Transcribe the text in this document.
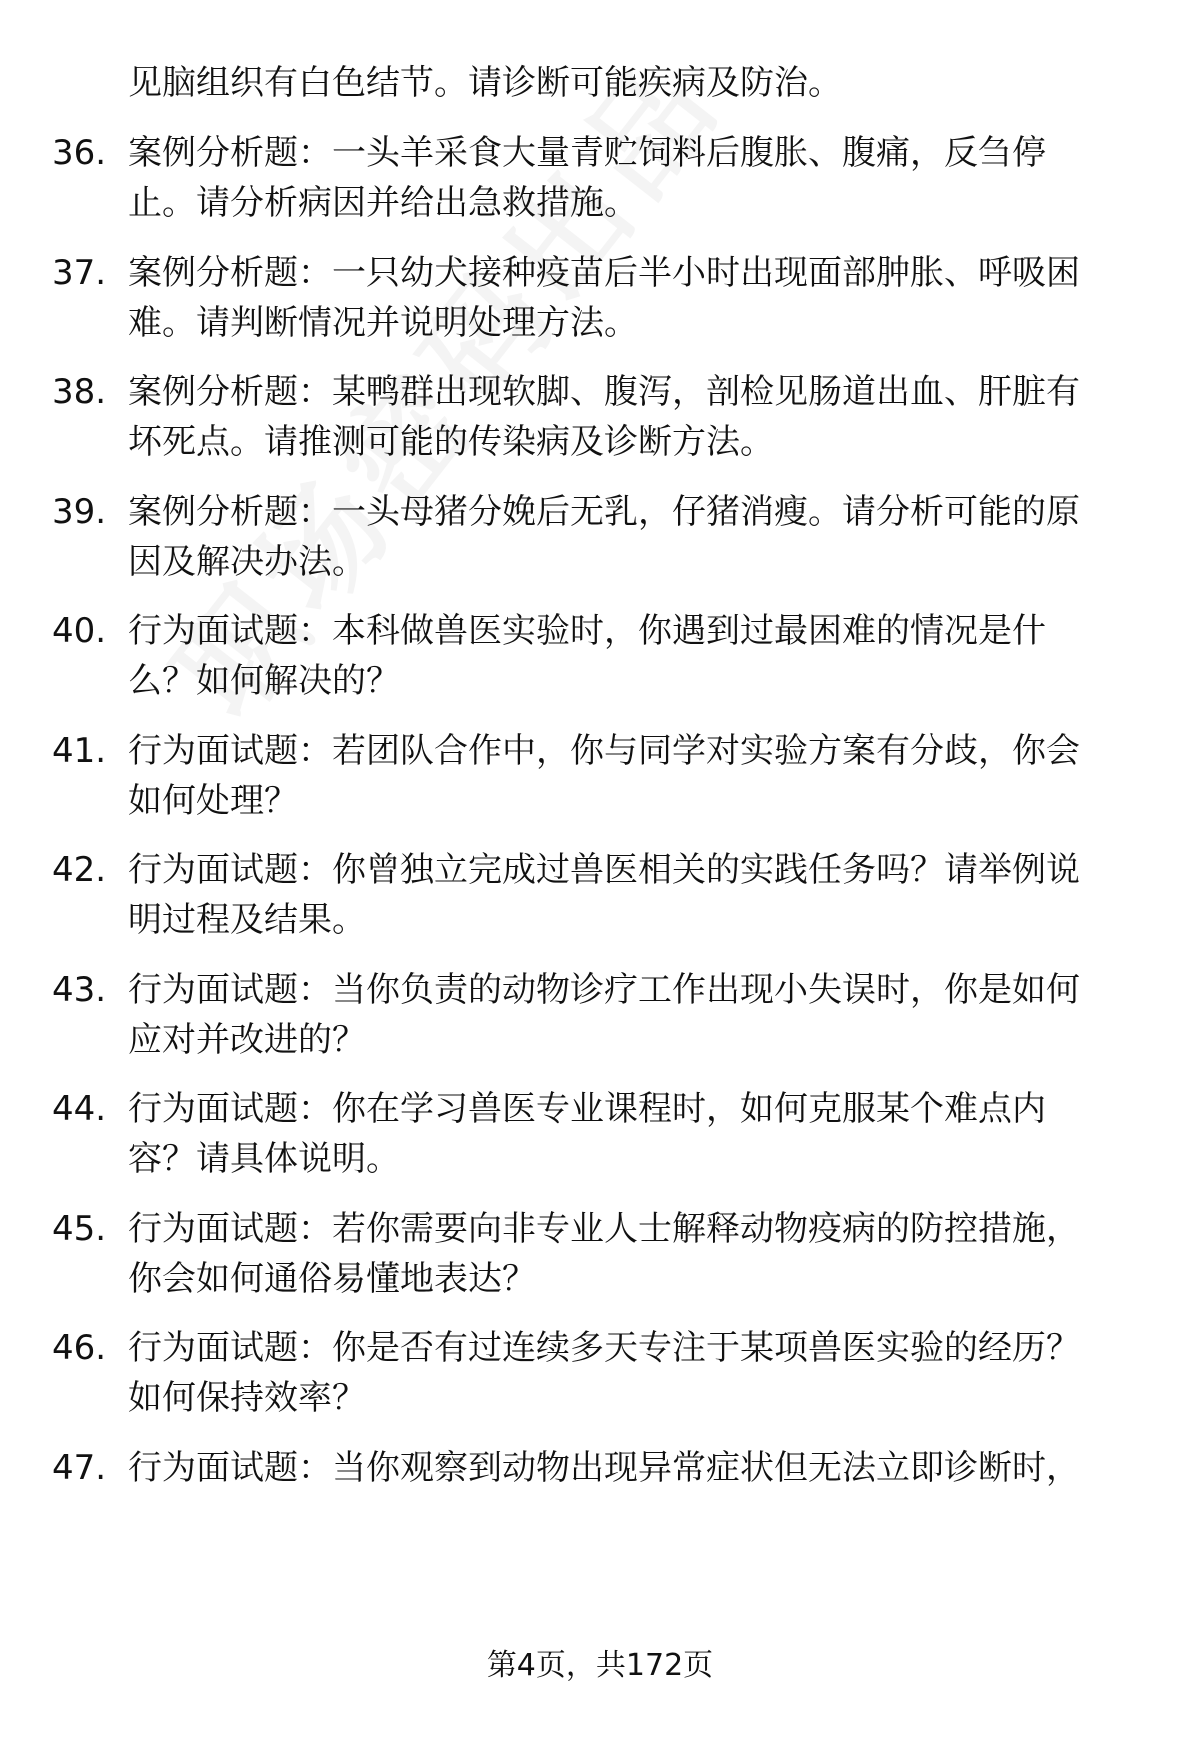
见脑组织有白色结节。请诊断可能疾病及防治。
36. 案例分析题：一头羊采食大量青贮饲料后腹胀、腹痛，反刍停
止。请分析病因并给出急救措施。
37. 案例分析题：一只幼犬接种疫苗后半小时出现面部肿胀、呼吸困
难。请判断情况并说明处理方法。
38. 案例分析题：某鸭群出现软脚、腹泻，剖检见肠道出血、肝脏有
坏死点。请推测可能的传染病及诊断方法。
39. 案例分析题：一头母猪分娩后无乳，仔猪消瘦。请分析可能的原
因及解决办法。
40. 行为面试题：本科做兽医实验时，你遇到过最困难的情况是什
么？如何解决的？
41. 行为面试题：若团队合作中，你与同学对实验方案有分歧，你会
如何处理？
42. 行为面试题：你曾独立完成过兽医相关的实践任务吗？请举例说
明过程及结果。
43. 行为面试题：当你负责的动物诊疗工作出现小失误时，你是如何
应对并改进的？
44. 行为面试题：你在学习兽医专业课程时，如何克服某个难点内
容？请具体说明。
45. 行为面试题：若你需要向非专业人士解释动物疫病的防控措施，
你会如何通俗易懂地表达？
46. 行为面试题：你是否有过连续多天专注于某项兽医实验的经历？
如何保持效率？
47. 行为面试题：当你观察到动物出现异常症状但无法立即诊断时，
第4页，共172页
